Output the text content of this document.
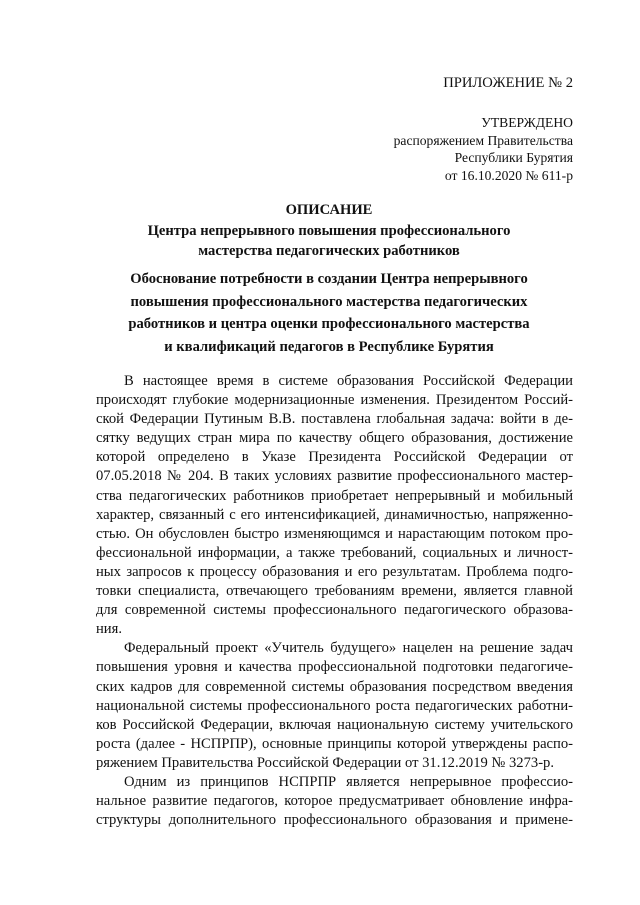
ПРИЛОЖЕНИЕ № 2
УТВЕРЖДЕНО
распоряжением Правительства
Республики Бурятия
от 16.10.2020 № 611-р
ОПИСАНИЕ
Центра непрерывного повышения профессионального
мастерства педагогических работников
Обоснование потребности в создании Центра непрерывного
повышения профессионального мастерства педагогических
работников и центра оценки профессионального мастерства
и квалификаций педагогов в Республике Бурятия
В настоящее время в системе образования Российской Федерации
происходят глубокие модернизационные изменения. Президентом Россий-
ской Федерации Путиным В.В. поставлена глобальная задача: войти в де-
сятку ведущих стран мира по качеству общего образования, достижение
которой определено в Указе Президента Российской Федерации от
07.05.2018 № 204. В таких условиях развитие профессионального мастер-
ства педагогических работников приобретает непрерывный и мобильный
характер, связанный с его интенсификацией, динамичностью, напряженно-
стью. Он обусловлен быстро изменяющимся и нарастающим потоком про-
фессиональной информации, а также требований, социальных и личност-
ных запросов к процессу образования и его результатам. Проблема подго-
товки специалиста, отвечающего требованиям времени, является главной
для современной системы профессионального педагогического образова-
ния.
Федеральный проект «Учитель будущего» нацелен на решение задач
повышения уровня и качества профессиональной подготовки педагогиче-
ских кадров для современной системы образования посредством введения
национальной системы профессионального роста педагогических работни-
ков Российской Федерации, включая национальную систему учительского
роста (далее - НСПРПР), основные принципы которой утверждены распо-
ряжением Правительства Российской Федерации от 31.12.2019 № 3273-р.
Одним из принципов НСПРПР является непрерывное профессио-
нальное развитие педагогов, которое предусматривает обновление инфра-
структуры дополнительного профессионального образования и примене-
